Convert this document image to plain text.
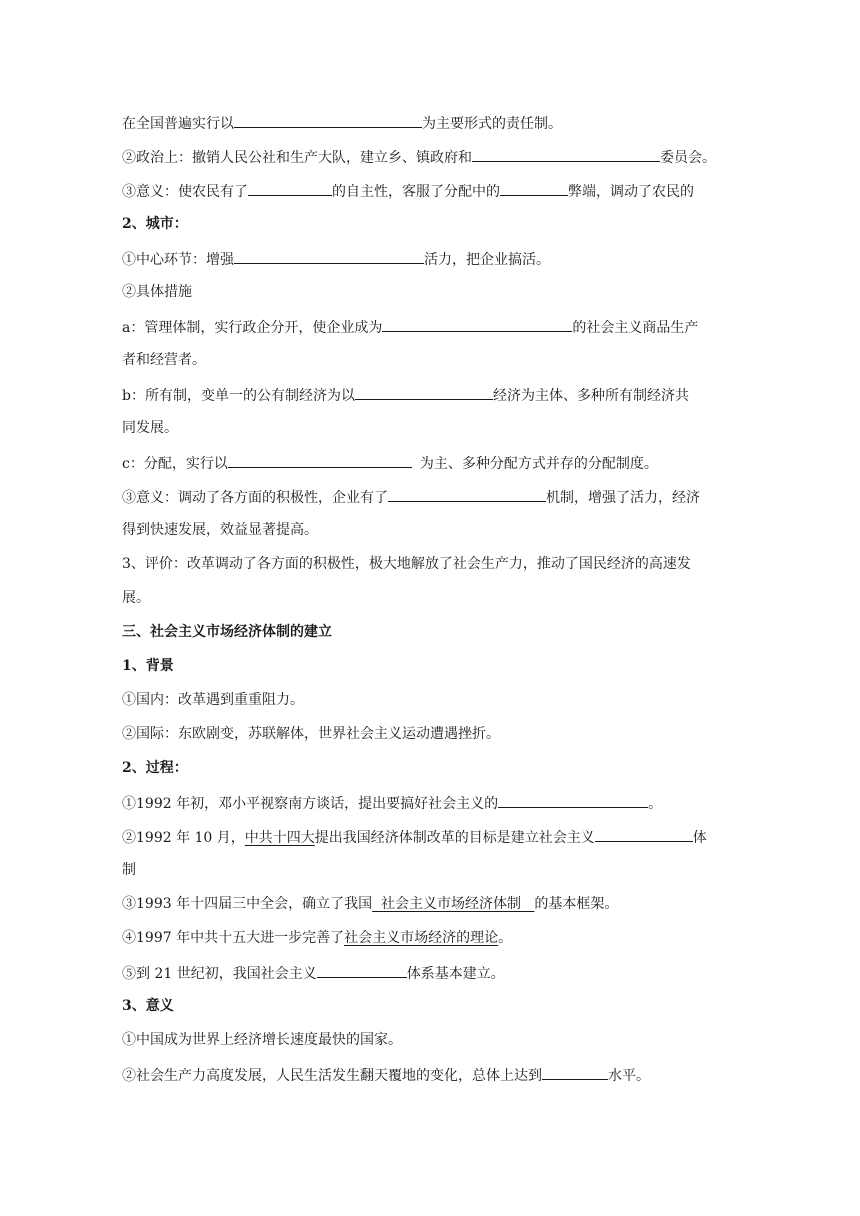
在全国普遍实行以	为主要形式的责任制。
②政治上：撤销人民公社和生产大队，建立乡、镇政府和	委员会。
③意义：使农民有了	的自主性，客服了分配中的	弊端，调动了农民的
2、城市：
①中心环节：增强	活力，把企业搞活。
②具体措施
a：管理体制，实行政企分开，使企业成为	的社会主义商品生产
者和经营者。
b：所有制，变单一的公有制经济为以	经济为主体、多种所有制经济共
同发展。
c：分配，实行以	为主、多种分配方式并存的分配制度。
③意义：调动了各方面的积极性，企业有了	机制，增强了活力，经济
得到快速发展，效益显著提高。
3、评价：改革调动了各方面的积极性，极大地解放了社会生产力，推动了国民经济的高速发
展。
三、社会主义市场经济体制的建立
1、背景
①国内：改革遇到重重阻力。
②国际：东欧剧变，苏联解体，世界社会主义运动遭遇挫折。
2、过程：
①1992 年初，邓小平视察南方谈话，提出要搞好社会主义的	。
②1992 年 10 月，中共十四大提出我国经济体制改革的目标是建立社会主义	体
制
③1993 年十四届三中全会，确立了我国  社会主义市场经济体制   的基本框架。
④1997 年中共十五大进一步完善了社会主义市场经济的理论。
⑤到 21 世纪初，我国社会主义	体系基本建立。
3、意义
①中国成为世界上经济增长速度最快的国家。
②社会生产力高度发展，人民生活发生翻天覆地的变化，总体上达到	水平。
